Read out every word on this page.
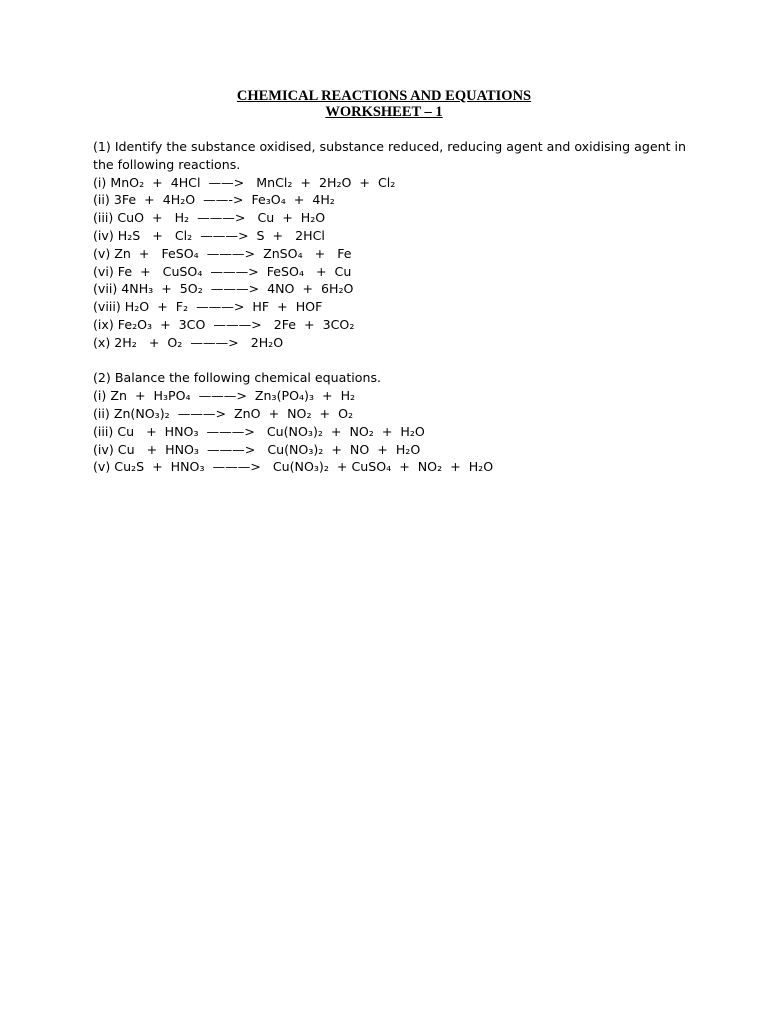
CHEMICAL REACTIONS AND EQUATIONS
WORKSHEET – 1

(1) Identify the substance oxidised, substance reduced, reducing agent and oxidising agent in the following reactions.

(i) MnO₂  +  4HCl  ——>   MnCl₂  +  2H₂O  +  Cl₂

(ii) 3Fe  +  4H₂O  ——->  Fe₃O₄  +  4H₂

(iii) CuO  +   H₂  ———>   Cu  +  H₂O

(iv) H₂S   +   Cl₂  ———>  S  +   2HCl

(v) Zn  +   FeSO₄  ———>  ZnSO₄   +   Fe

(vi) Fe  +   CuSO₄  ———>  FeSO₄   +  Cu

(vii) 4NH₃  +  5O₂  ———>  4NO  +  6H₂O

(viii) H₂O  +  F₂  ———>  HF  +  HOF

(ix) Fe₂O₃  +  3CO  ———>   2Fe  +  3CO₂

(x) 2H₂   +  O₂  ———>   2H₂O

(2) Balance the following chemical equations.

(i) Zn  +  H₃PO₄  ———>  Zn₃(PO₄)₃  +  H₂

(ii) Zn(NO₃)₂  ———>  ZnO  +  NO₂  +  O₂

(iii) Cu   +  HNO₃  ———>   Cu(NO₃)₂  +  NO₂  +  H₂O

(iv) Cu   +  HNO₃  ———>   Cu(NO₃)₂  +  NO  +  H₂O

(v) Cu₂S  +  HNO₃  ———>   Cu(NO₃)₂  + CuSO₄  +  NO₂  +  H₂O
